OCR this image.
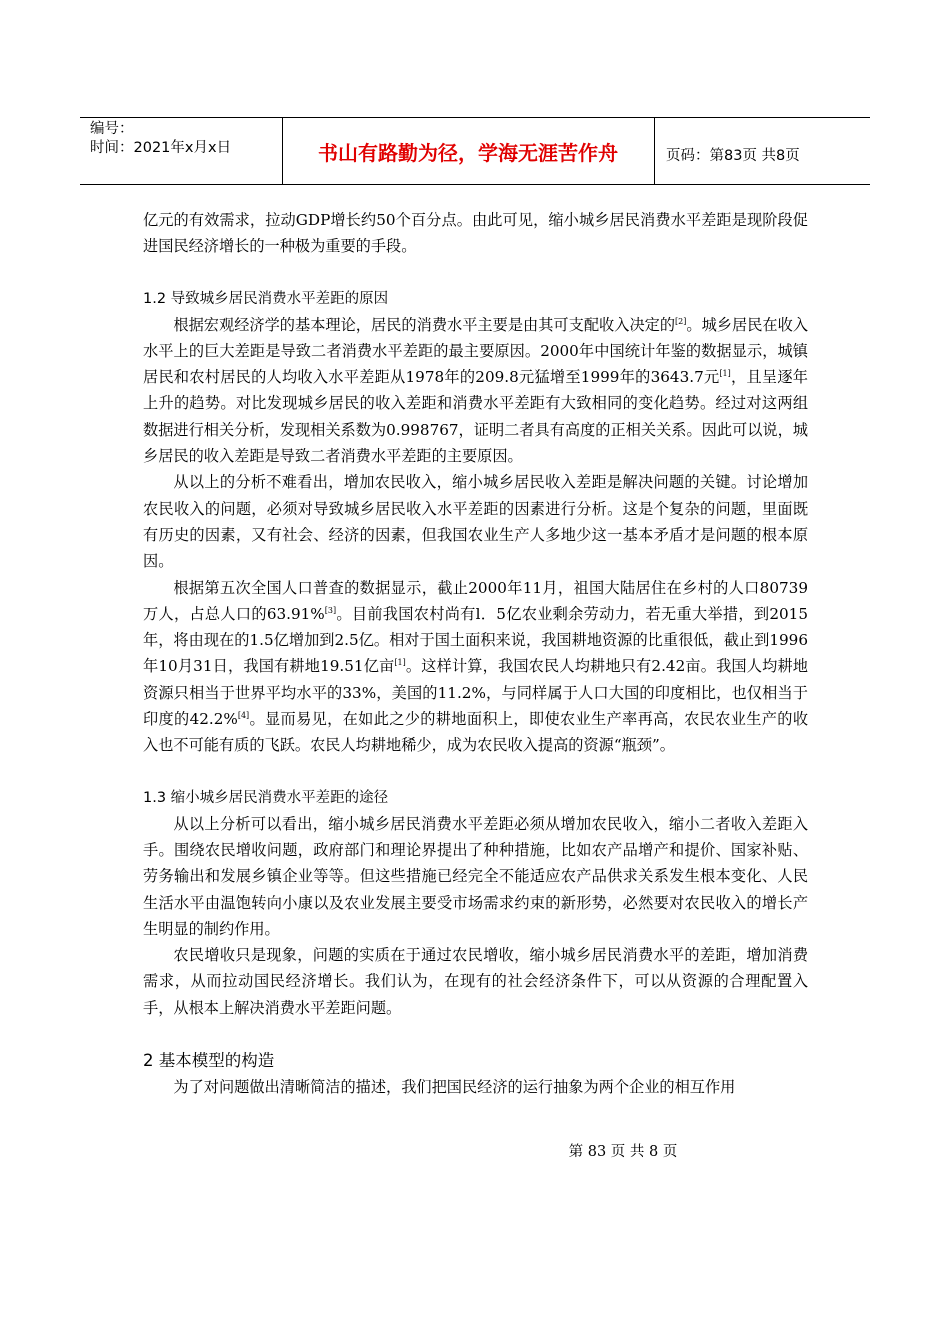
编号：
时间：2021年x月x日	书山有路勤为径，学海无涯苦作舟	页码：第83页 共8页

亿元的有效需求，拉动GDP增长约50个百分点。由此可见，缩小城乡居民消费水平差距是现阶段促进国民经济增长的一种极为重要的手段。

1.2 导致城乡居民消费水平差距的原因

根据宏观经济学的基本理论，居民的消费水平主要是由其可支配收入决定的[2]。城乡居民在收入水平上的巨大差距是导致二者消费水平差距的最主要原因。2000年中国统计年鉴的数据显示，城镇居民和农村居民的人均收入水平差距从1978年的209.8元猛增至1999年的3643.7元[1]，且呈逐年上升的趋势。对比发现城乡居民的收入差距和消费水平差距有大致相同的变化趋势。经过对这两组数据进行相关分析，发现相关系数为0.998767，证明二者具有高度的正相关关系。因此可以说，城乡居民的收入差距是导致二者消费水平差距的主要原因。

从以上的分析不难看出，增加农民收入，缩小城乡居民收入差距是解决问题的关键。讨论增加农民收入的问题，必须对导致城乡居民收入水平差距的因素进行分析。这是个复杂的问题，里面既有历史的因素，又有社会、经济的因素，但我国农业生产人多地少这一基本矛盾才是问题的根本原因。

根据第五次全国人口普查的数据显示，截止2000年11月，祖国大陆居住在乡村的人口80739万人，占总人口的63.91%[3]。目前我国农村尚有l．5亿农业剩余劳动力，若无重大举措，到2015年，将由现在的1.5亿增加到2.5亿。相对于国土面积来说，我国耕地资源的比重很低，截止到1996年10月31日，我国有耕地19.51亿亩[1]。这样计算，我国农民人均耕地只有2.42亩。我国人均耕地资源只相当于世界平均水平的33%，美国的11.2%，与同样属于人口大国的印度相比，也仅相当于印度的42.2%[4]。显而易见，在如此之少的耕地面积上，即使农业生产率再高，农民农业生产的收入也不可能有质的飞跃。农民人均耕地稀少，成为农民收入提高的资源“瓶颈”。

1.3 缩小城乡居民消费水平差距的途径

从以上分析可以看出，缩小城乡居民消费水平差距必须从增加农民收入，缩小二者收入差距入手。围绕农民增收问题，政府部门和理论界提出了种种措施，比如农产品增产和提价、国家补贴、劳务输出和发展乡镇企业等等。但这些措施已经完全不能适应农产品供求关系发生根本变化、人民生活水平由温饱转向小康以及农业发展主要受市场需求约束的新形势，必然要对农民收入的增长产生明显的制约作用。

农民增收只是现象，问题的实质在于通过农民增收，缩小城乡居民消费水平的差距，增加消费需求，从而拉动国民经济增长。我们认为，在现有的社会经济条件下，可以从资源的合理配置入手，从根本上解决消费水平差距问题。

2 基本模型的构造

为了对问题做出清晰简洁的描述，我们把国民经济的运行抽象为两个企业的相互作用

第 83 页 共 8 页
